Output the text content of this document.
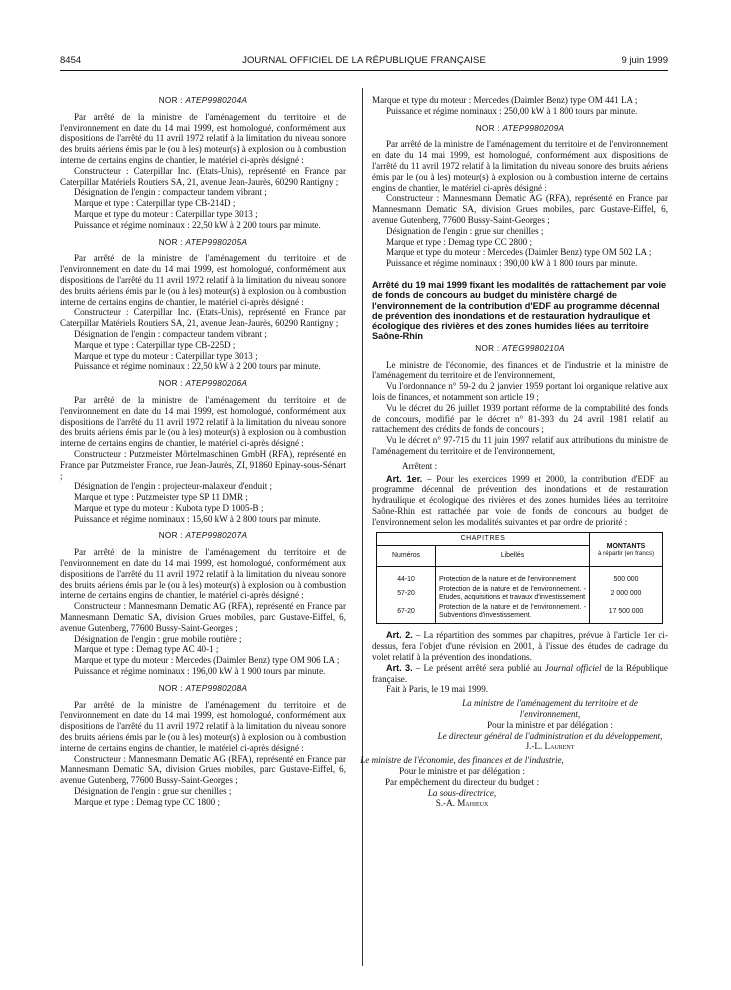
8454	JOURNAL OFFICIEL DE LA RÉPUBLIQUE FRANÇAISE	9 juin 1999
NOR : ATEP9980204A

Par arrêté de la ministre de l'aménagement du territoire et de l'environnement en date du 14 mai 1999, est homologué, conformément aux dispositions de l'arrêté du 11 avril 1972 relatif à la limitation du niveau sonore des bruits aériens émis par le (ou à les) moteur(s) à explosion ou à combustion interne de certains engins de chantier, le matériel ci-après désigné :

Constructeur : Caterpillar Inc. (Etats-Unis), représenté en France par Caterpillar Matériels Routiers SA, 21, avenue Jean-Jaurès, 60290 Rantigny ;

Désignation de l'engin : compacteur tandem vibrant ;

Marque et type : Caterpillar type CB-214D ;

Marque et type du moteur : Caterpillar type 3013 ;

Puissance et régime nominaux : 22,50 kW à 2 200 tours par minute.

NOR : ATEP9980205A

Par arrêté de la ministre de l'aménagement du territoire et de l'environnement en date du 14 mai 1999, est homologué, conformément aux dispositions de l'arrêté du 11 avril 1972 relatif à la limitation du niveau sonore des bruits aériens émis par le (ou à les) moteur(s) à explosion ou à combustion interne de certains engins de chantier, le matériel ci-après désigné :

Constructeur : Caterpillar Inc. (Etats-Unis), représenté en France par Caterpillar Matériels Routiers SA, 21, avenue Jean-Jaurès, 60290 Rantigny ;

Désignation de l'engin : compacteur tandem vibrant ;

Marque et type : Caterpillar type CB-225D ;

Marque et type du moteur : Caterpillar type 3013 ;

Puissance et régime nominaux : 22,50 kW à 2 200 tours par minute.

NOR : ATEP9980206A

Par arrêté de la ministre de l'aménagement du territoire et de l'environnement en date du 14 mai 1999, est homologué, conformément aux dispositions de l'arrêté du 11 avril 1972 relatif à la limitation du niveau sonore des bruits aériens émis par le (ou à les) moteur(s) à explosion ou à combustion interne de certains engins de chantier, le matériel ci-après désigné :

Constructeur : Putzmeister Mörtelmaschinen GmbH (RFA), représenté en France par Putzmeister France, rue Jean-Jaurès, ZI, 91860 Epinay-sous-Sénart ;

Désignation de l'engin : projecteur-malaxeur d'enduit ;

Marque et type : Putzmeister type SP 11 DMR ;

Marque et type du moteur : Kubota type D 1005-B ;

Puissance et régime nominaux : 15,60 kW à 2 800 tours par minute.

NOR : ATEP9980207A

Par arrêté de la ministre de l'aménagement du territoire et de l'environnement en date du 14 mai 1999, est homologué, conformément aux dispositions de l'arrêté du 11 avril 1972 relatif à la limitation du niveau sonore des bruits aériens émis par le (ou à les) moteur(s) à explosion ou à combustion interne de certains engins de chantier, le matériel ci-après désigné :

Constructeur : Mannesmann Dematic AG (RFA), représenté en France par Mannesmann Dematic SA, division Grues mobiles, parc Gustave-Eiffel, 6, avenue Gutenberg, 77600 Bussy-Saint-Georges ;

Désignation de l'engin : grue mobile routière ;

Marque et type : Demag type AC 40-1 ;

Marque et type du moteur : Mercedes (Daimler Benz) type OM 906 LA ;

Puissance et régime nominaux : 196,00 kW à 1 900 tours par minute.

NOR : ATEP9980208A

Par arrêté de la ministre de l'aménagement du territoire et de l'environnement en date du 14 mai 1999, est homologué, conformément aux dispositions de l'arrêté du 11 avril 1972 relatif à la limitation du niveau sonore des bruits aériens émis par le (ou à les) moteur(s) à explosion ou à combustion interne de certains engins de chantier, le matériel ci-après désigné :

Constructeur : Mannesmann Dematic AG (RFA), représenté en France par Mannesmann Dematic SA, division Grues mobiles, parc Gustave-Eiffel, 6, avenue Gutenberg, 77600 Bussy-Saint-Georges ;

Désignation de l'engin : grue sur chenilles ;

Marque et type : Demag type CC 1800 ;

Marque et type du moteur : Mercedes (Daimler Benz) type OM 441 LA ;

Puissance et régime nominaux : 250,00 kW à 1 800 tours par minute.

NOR : ATEP9980209A

Par arrêté de la ministre de l'aménagement du territoire et de l'environnement en date du 14 mai 1999, est homologué, conformément aux dispositions de l'arrêté du 11 avril 1972 relatif à la limitation du niveau sonore des bruits aériens émis par le (ou à les) moteur(s) à explosion ou à combustion interne de certains engins de chantier, le matériel ci-après désigné :

Constructeur : Mannesmann Dematic AG (RFA), représenté en France par Mannesmann Dematic SA, division Grues mobiles, parc Gustave-Eiffel, 6, avenue Gutenberg, 77600 Bussy-Saint-Georges ;

Désignation de l'engin : grue sur chenilles ;

Marque et type : Demag type CC 2800 ;

Marque et type du moteur : Mercedes (Daimler Benz) type OM 502 LA ;

Puissance et régime nominaux : 390,00 kW à 1 800 tours par minute.

Arrêté du 19 mai 1999 fixant les modalités de rattachement par voie de fonds de concours au budget du ministère chargé de l'environnement de la contribution d'EDF au programme décennal de prévention des inondations et de restauration hydraulique et écologique des rivières et des zones humides liées au territoire Saône-Rhin
NOR : ATEG9980210A

Le ministre de l'économie, des finances et de l'industrie et la ministre de l'aménagement du territoire et de l'environnement,

Vu l'ordonnance n° 59-2 du 2 janvier 1959 portant loi organique relative aux lois de finances, et notamment son article 19 ;

Vu le décret du 26 juillet 1939 portant réforme de la comptabilité des fonds de concours, modifié par le décret n° 81-393 du 24 avril 1981 relatif au rattachement des crédits de fonds de concours ;

Vu le décret n° 97-715 du 11 juin 1997 relatif aux attributions du ministre de l'aménagement du territoire et de l'environnement,

Arrêtent :

Art. 1er. – Pour les exercices 1999 et 2000, la contribution d'EDF au programme décennal de prévention des inondations et de restauration hydraulique et écologique des rivières et des zones humides liées au territoire Saône-Rhin est rattachée par voie de fonds de concours au budget de l'environnement selon les modalités suivantes et par ordre de priorité :

CHAPITRES		MONTANTS
à répartir (en francs)
Numéros	Libellés	

44-10	Protection de la nature et de l'environnement	500 000
57-20	Protection de la nature et de l'environnement. - Etudes, acquisitions et travaux d'investissement	2 000 000
67-20	Protection de la nature et de l'environnement. - Subventions d'investissement.	17 500 000

Art. 2. – La répartition des sommes par chapitres, prévue à l'article 1er ci-dessus, fera l'objet d'une révision en 2001, à l'issue des études de cadrage du volet relatif à la prévention des inondations.

Art. 3. – Le présent arrêté sera publié au Journal officiel de la République française.

Fait à Paris, le 19 mai 1999.

La ministre de l'aménagement du territoire et de l'environnement,

Pour la ministre et par délégation :

Le directeur général de l'administration et du développement,

J.-L. Laurent

Le ministre de l'économie, des finances et de l'industrie,

Pour le ministre et par délégation :

Par empêchement du directeur du budget :

La sous-directrice,

S.-A. Mahieux
